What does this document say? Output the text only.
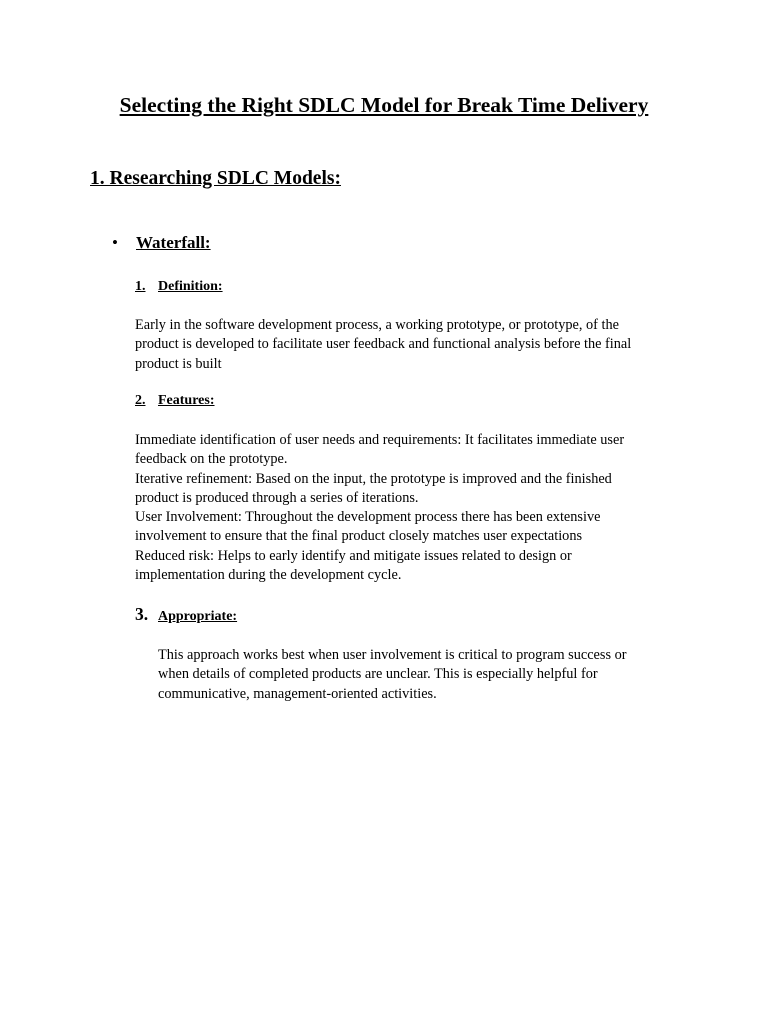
Selecting the Right SDLC Model for Break Time Delivery
1. Researching SDLC Models:
• Waterfall:
1. Definition:

Early in the software development process, a working prototype, or prototype, of the

product is developed to facilitate user feedback and functional analysis before the final

product is built

2. Features:

Immediate identification of user needs and requirements: It facilitates immediate user

feedback on the prototype.

Iterative refinement: Based on the input, the prototype is improved and the finished

product is produced through a series of iterations.

User Involvement: Throughout the development process there has been extensive

involvement to ensure that the final product closely matches user expectations

Reduced risk: Helps to early identify and mitigate issues related to design or

implementation during the development cycle.

3. Appropriate:

This approach works best when user involvement is critical to program success or

when details of completed products are unclear. This is especially helpful for

communicative, management-oriented activities.
